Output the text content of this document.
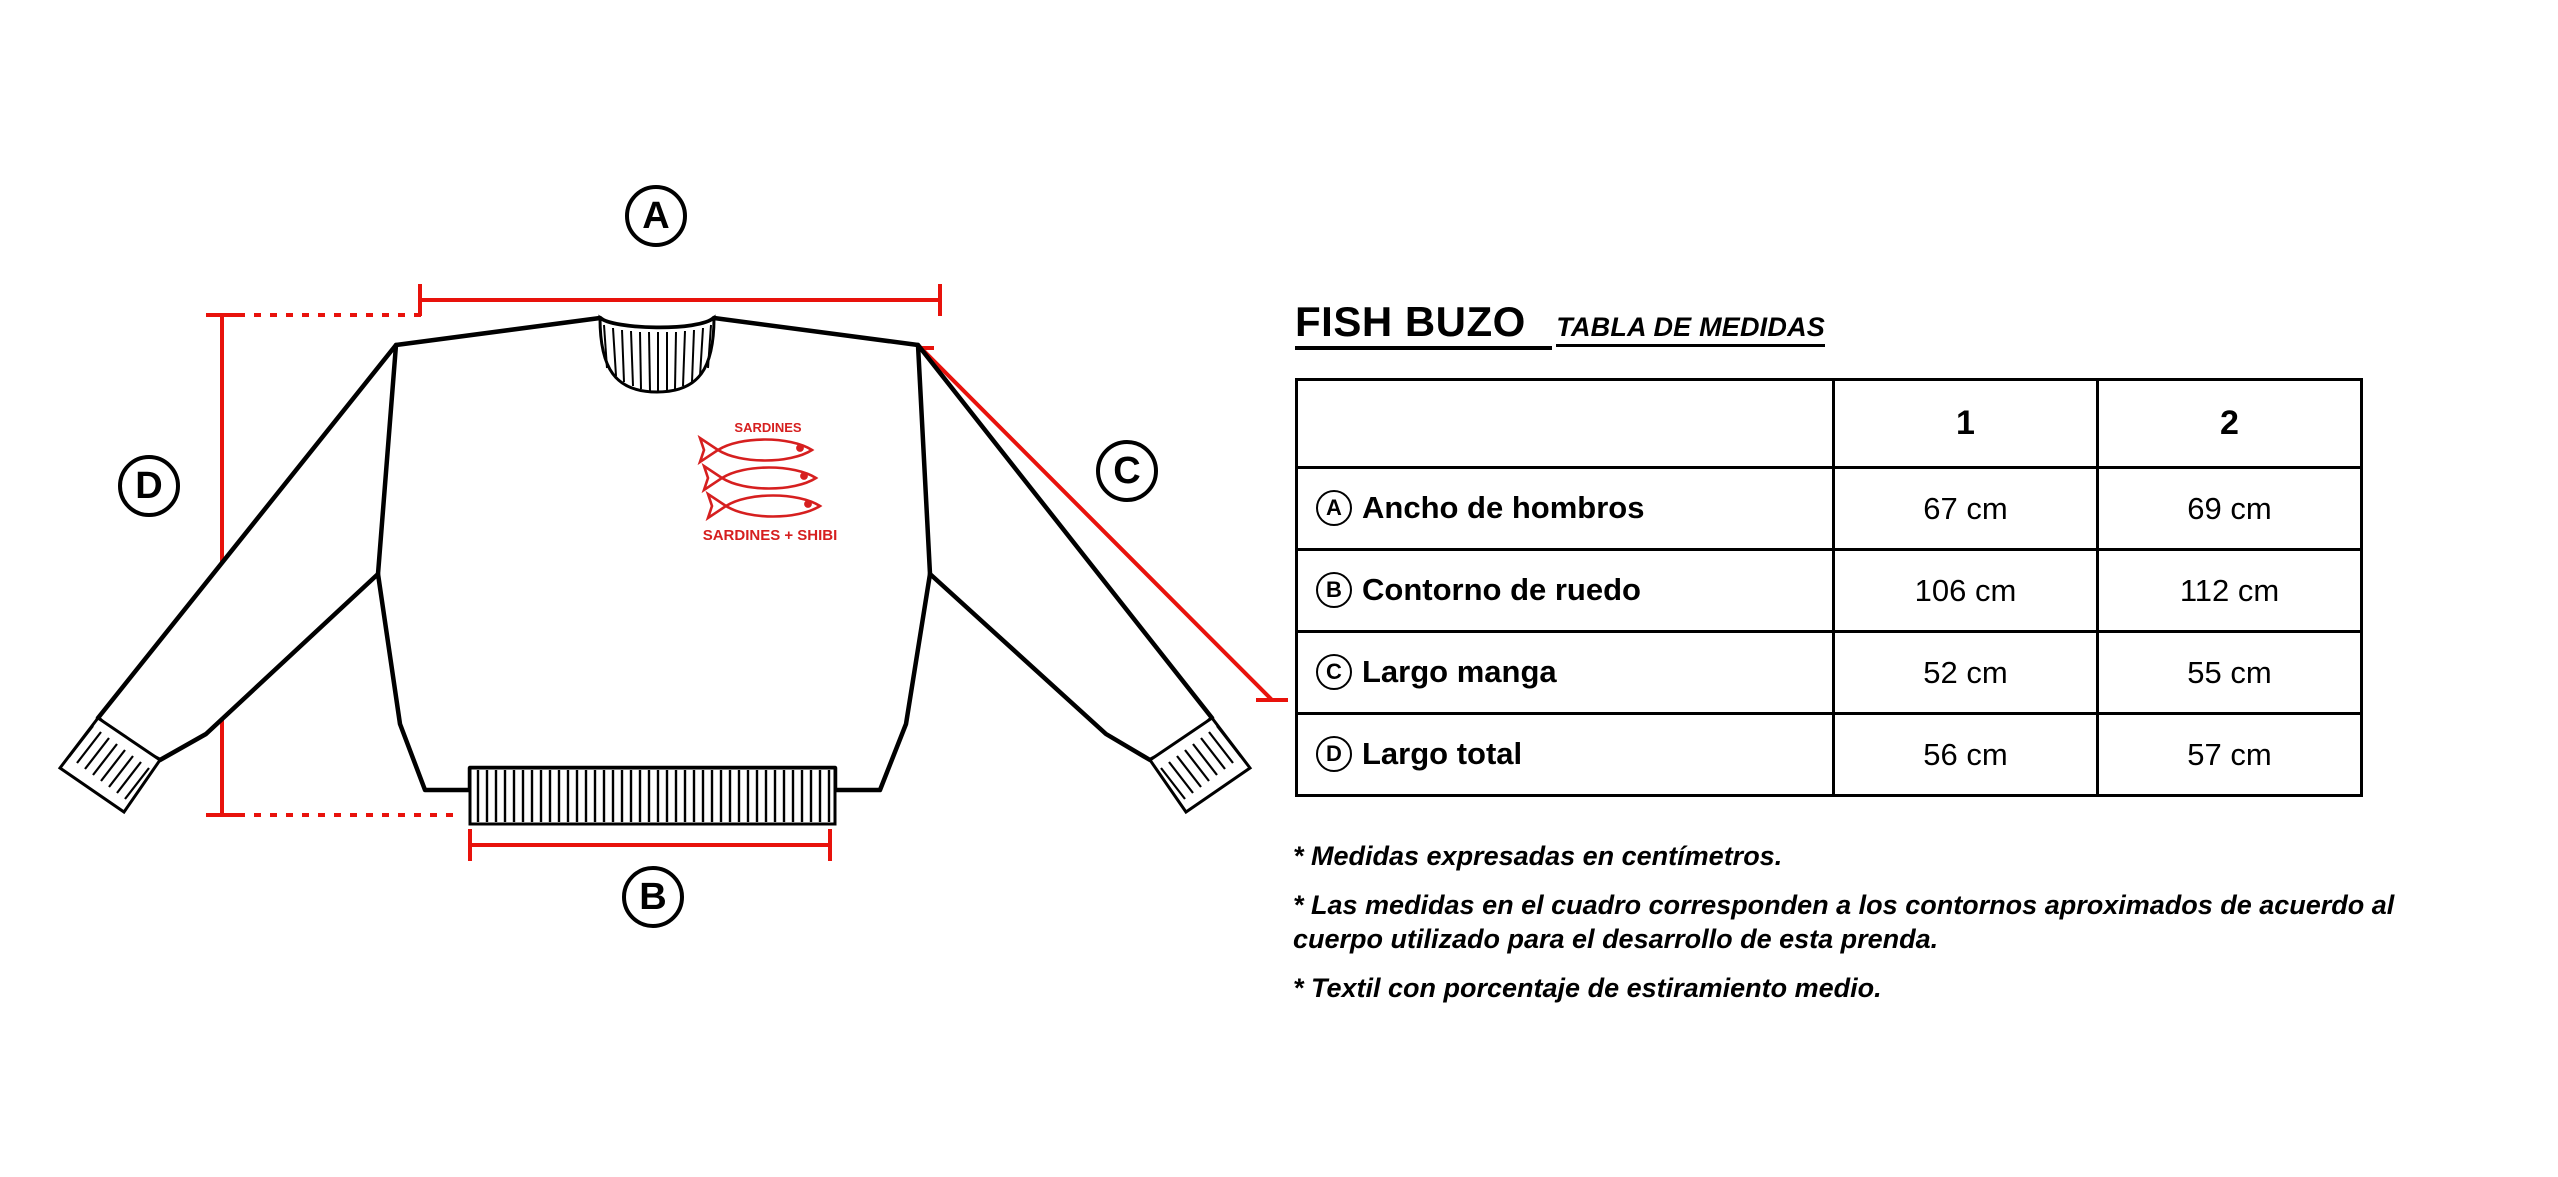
SARDINES
SARDINES + SHIBI
A
B
C
D
FISH BUZO TABLA DE MEDIDAS
	1	2
A Ancho de hombros	67 cm	69 cm
B Contorno de ruedo	106 cm	112 cm
C Largo manga	52 cm	55 cm
D Largo total	56 cm	57 cm
* Medidas expresadas en centímetros.
* Las medidas en el cuadro corresponden a los contornos aproximados de acuerdo al cuerpo utilizado para el desarrollo de esta prenda.
* Textil con porcentaje de estiramiento medio.
